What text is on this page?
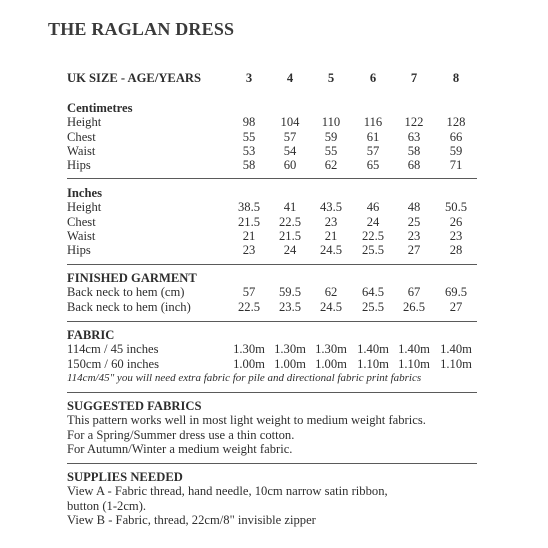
THE RAGLAN DRESS
UK SIZE - AGE/YEARS	3	4	5	6	7	8
Centimetres
Height	98 104 110 116 122 128
Chest	55 57 59 61 63 66
Waist	53 54 55 57 58 59
Hips	58 60 62 65 68 71
Inches
Height	38.5 41 43.5 46 48 50.5
Chest	21.5 22.5 23 24 25 26
Waist	21 21.5 21 22.5 23 23
Hips	23 24 24.5 25.5 27 28
FINISHED GARMENT
Back neck to hem (cm)	57 59.5 62 64.5 67 69.5
Back neck to hem (inch)	22.5 23.5 24.5 25.5 26.5 27
FABRIC
114cm / 45 inches	1.30m 1.30m 1.30m 1.40m 1.40m 1.40m
150cm / 60 inches	1.00m 1.00m 1.00m 1.10m 1.10m 1.10m
114cm/45" you will need extra fabric for pile and directional fabric print fabrics
SUGGESTED FABRICS
This pattern works well in most light weight to medium weight fabrics.
For a Spring/Summer dress use a thin cotton.
For Autumn/Winter a medium weight fabric.
SUPPLIES NEEDED
View A - Fabric thread, hand needle, 10cm narrow satin ribbon,
button (1-2cm).
View B - Fabric, thread, 22cm/8" invisible zipper
